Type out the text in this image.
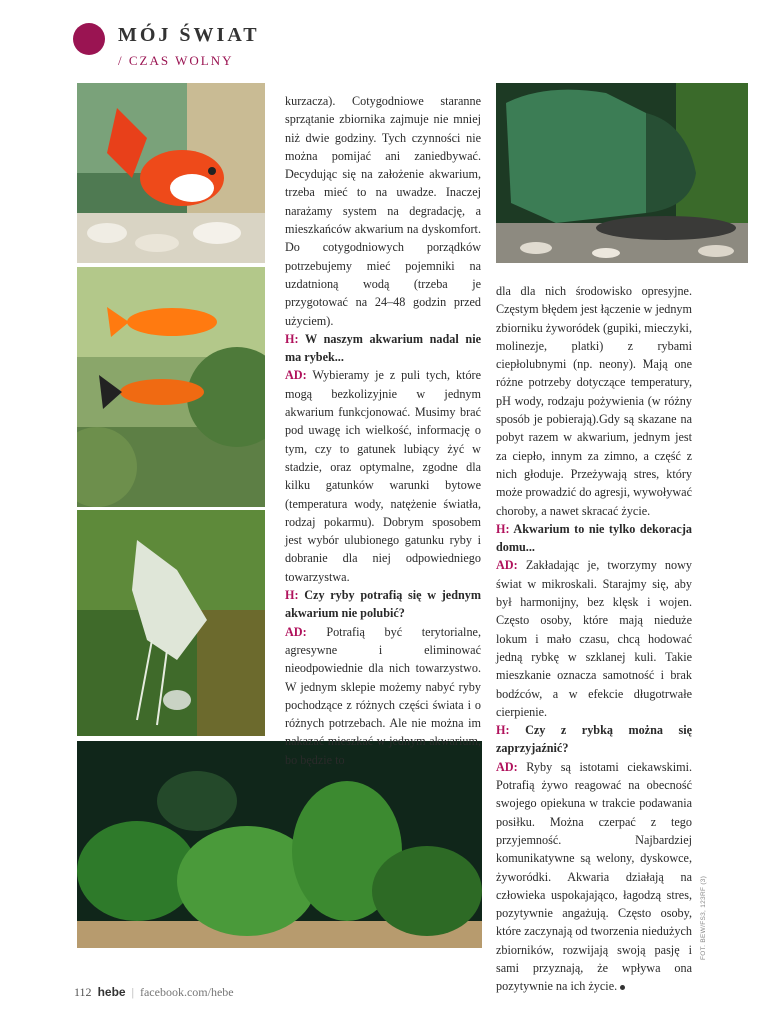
MÓJ ŚWIAT
/ CZAS WOLNY

kurzacza). Cotygodniowe staranne sprzątanie zbiornika zajmuje nie mniej niż dwie godziny. Tych czynności nie można pomijać ani zaniedbywać. Decydując się na założenie akwarium, trzeba mieć to na uwadze. Inaczej narażamy system na degradację, a mieszkańców akwarium na dyskomfort. Do cotygodniowych porządków potrzebujemy mieć pojemniki na uzdatnioną wodą (trzeba je przygotować na 24–48 godzin przed użyciem).

H: W naszym akwarium nadal nie ma rybek...

AD: Wybieramy je z puli tych, które mogą bezkolizyjnie w jednym akwarium funkcjonować. Musimy brać pod uwagę ich wielkość, informację o tym, czy to gatunek lubiący żyć w stadzie, oraz optymalne, zgodne dla kilku gatunków warunki bytowe (temperatura wody, natężenie światła, rodzaj pokarmu). Dobrym sposobem jest wybór ulubionego gatunku ryby i dobranie dla niej odpowiedniego towarzystwa.

H: Czy ryby potrafią się w jednym akwarium nie polubić?

AD: Potrafią być terytorialne, agresywne i eliminować nieodpowiednie dla nich towarzystwo. W jednym sklepie możemy nabyć ryby pochodzące z różnych części świata i o różnych potrzebach. Ale nie można im nakazać mieszkać w jednym akwarium, bo będzie to

dla dla nich środowisko opresyjne. Częstym błędem jest łączenie w jednym zbiorniku żyworódek (gupiki, mieczyki, molinezje, platki) z rybami ciepłolubnymi (np. neony). Mają one różne potrzeby dotyczące temperatury, pH wody, rodzaju pożywienia (w różny sposób je pobierają).Gdy są skazane na pobyt razem w akwarium, jednym jest za ciepło, innym za zimno, a część z nich głoduje. Przeżywają stres, który może prowadzić do agresji, wywoływać choroby, a nawet skracać życie.

H: Akwarium to nie tylko dekoracja domu...

AD: Zakładając je, tworzymy nowy świat w mikroskali. Starajmy się, aby był harmonijny, bez klęsk i wojen. Często osoby, które mają nieduże lokum i mało czasu, chcą hodować jedną rybkę w szklanej kuli. Takie mieszkanie oznacza samotność i brak bodźców, a w efekcie długotrwałe cierpienie.

H: Czy z rybką można się zaprzyjaźnić?

AD: Ryby są istotami ciekawskimi. Potrafią żywo reagować na obecność swojego opiekuna w trakcie podawania posiłku. Można czerpać z tego przyjemność. Najbardziej komunikatywne są welony, dyskowce, żyworódki. Akwaria działają na człowieka uspokajająco, łagodzą stres, pozytywnie angażują. Często osoby, które zaczynają od tworzenia niedużych zbiorników, rozwijają swoją pasję i sami przyznają, że wpływa ona pozytywnie na ich życie.

FOT. BEW/FS3, 123RF (3)
112 hebe | facebook.com/hebe
